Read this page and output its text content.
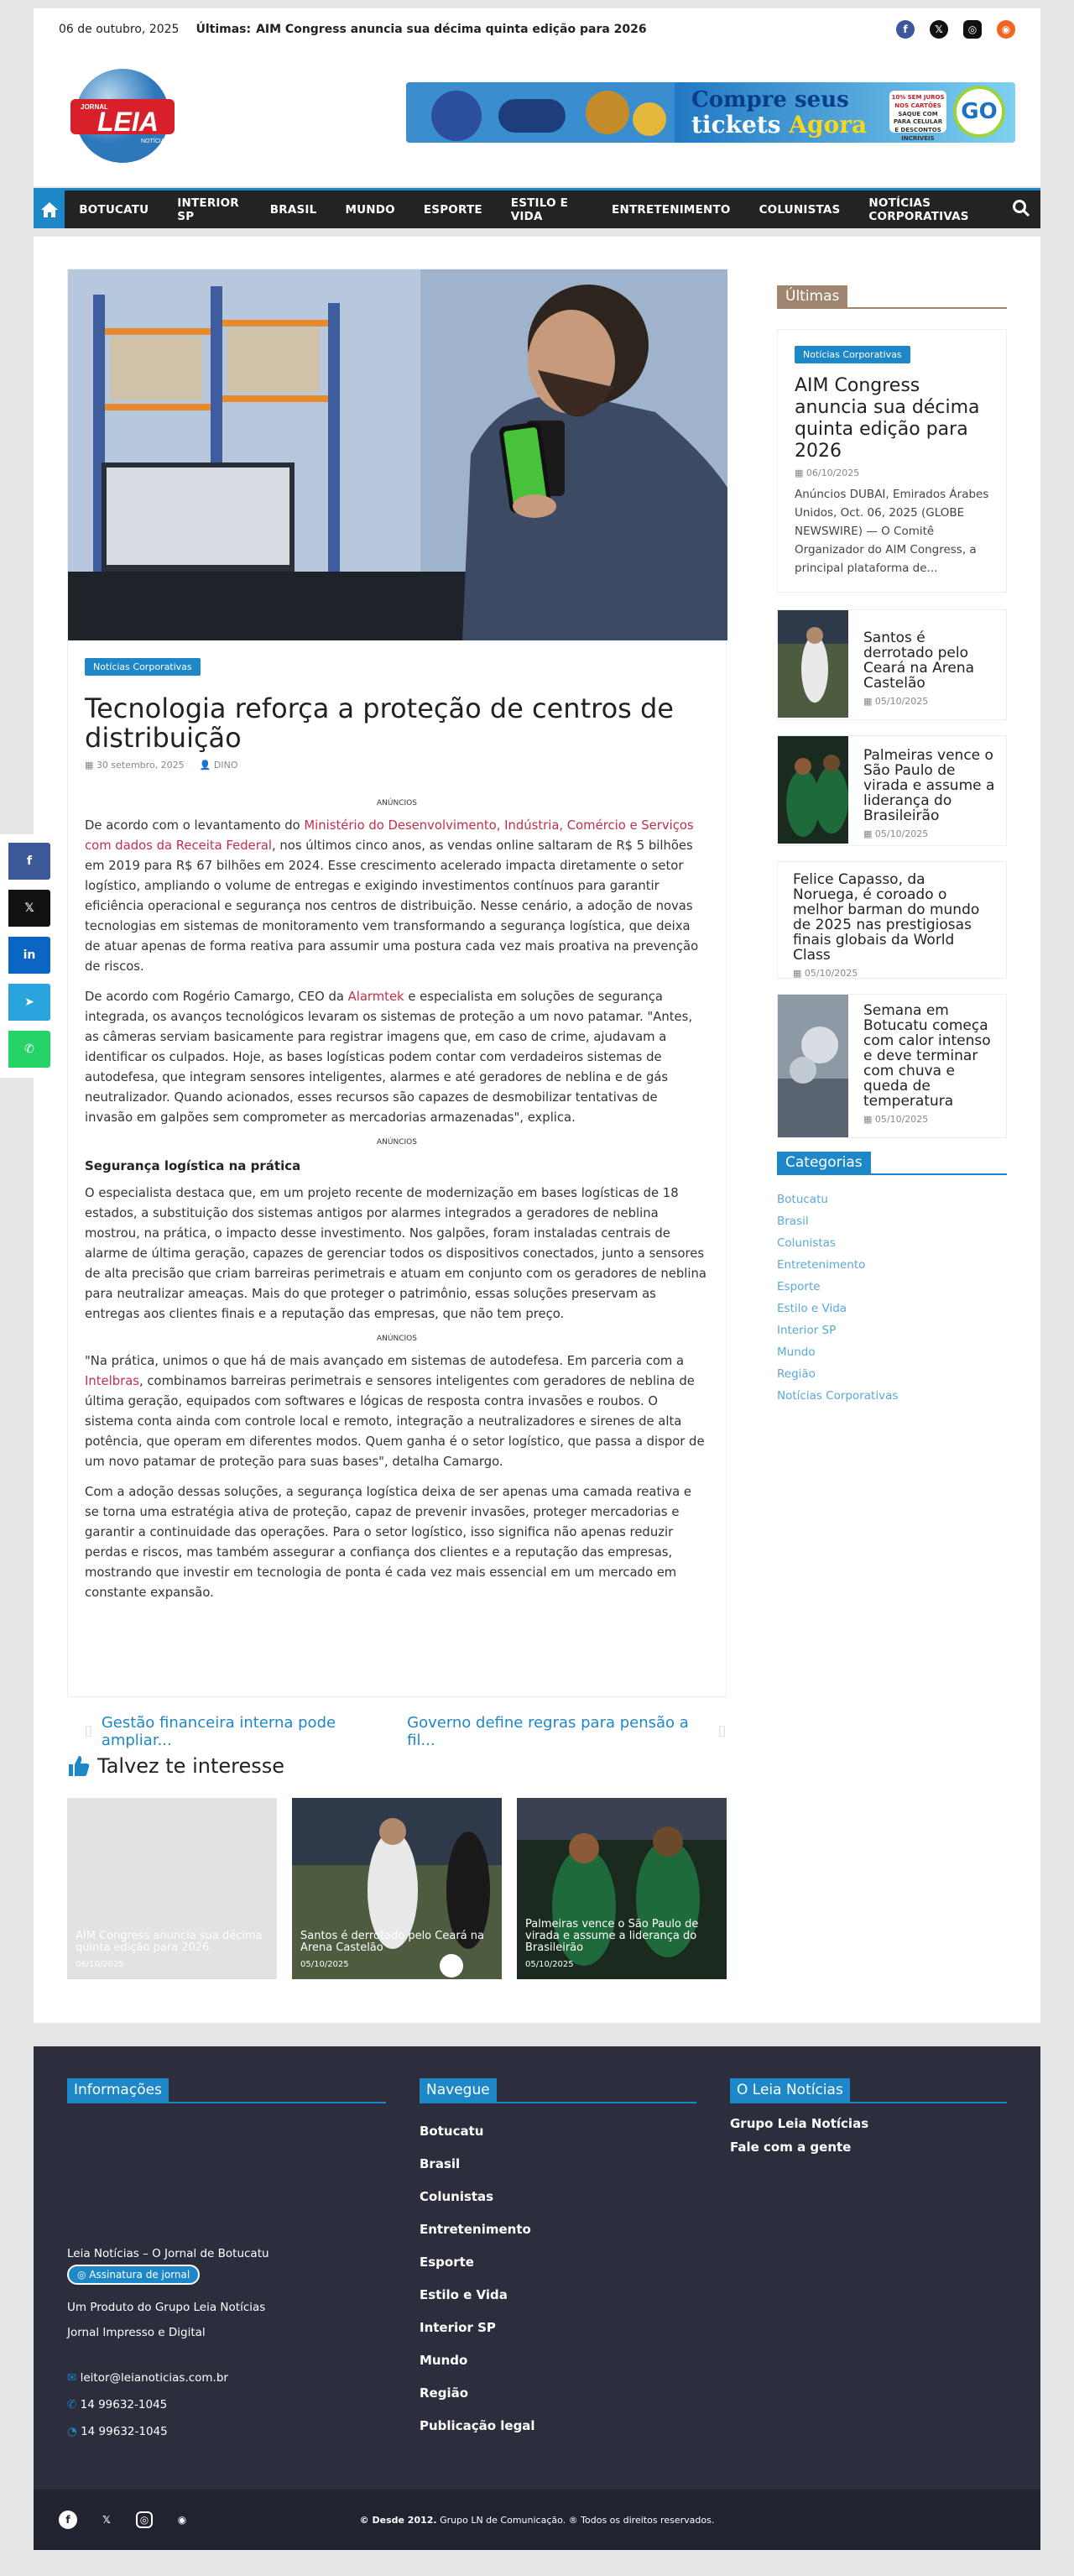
06 de outubro, 2025 Últimas: AIM Congress anuncia sua décima quinta edição para 2026	f	𝕏	◎	◉
JORNAL
LEIA
NOTÍCIAS
Compre seus
tickets Agora
10% SEM JUROS
NOS CARTÕES
SAQUE COM PARA CELULAR
E DESCONTOS INCRÍVEIS
GO
BOTUCATU	INTERIOR SP	BRASIL	MUNDO	ESPORTE	ESTILO E VIDA	ENTRETENIMENTO	COLUNISTAS	NOTÍCIAS CORPORATIVAS
Notícias Corporativas
Tecnologia reforça a proteção de centros de distribuição
▦ 30 setembro, 2025 👤 DINO
ANÚNCIOS

De acordo com o levantamento do Ministério do Desenvolvimento, Indústria, Comércio e Serviços com dados da Receita Federal, nos últimos cinco anos, as vendas online saltaram de R$ 5 bilhões em 2019 para R$ 67 bilhões em 2024. Esse crescimento acelerado impacta diretamente o setor logístico, ampliando o volume de entregas e exigindo investimentos contínuos para garantir eficiência operacional e segurança nos centros de distribuição. Nesse cenário, a adoção de novas tecnologias em sistemas de monitoramento vem transformando a segurança logística, que deixa de atuar apenas de forma reativa para assumir uma postura cada vez mais proativa na prevenção de riscos.

De acordo com Rogério Camargo, CEO da Alarmtek e especialista em soluções de segurança integrada, os avanços tecnológicos levaram os sistemas de proteção a um novo patamar. "Antes, as câmeras serviam basicamente para registrar imagens que, em caso de crime, ajudavam a identificar os culpados. Hoje, as bases logísticas podem contar com verdadeiros sistemas de autodefesa, que integram sensores inteligentes, alarmes e até geradores de neblina e de gás neutralizador. Quando acionados, esses recursos são capazes de desmobilizar tentativas de invasão em galpões sem comprometer as mercadorias armazenadas", explica.

ANÚNCIOS
Segurança logística na prática

O especialista destaca que, em um projeto recente de modernização em bases logísticas de 18 estados, a substituição dos sistemas antigos por alarmes integrados a geradores de neblina mostrou, na prática, o impacto desse investimento. Nos galpões, foram instaladas centrais de alarme de última geração, capazes de gerenciar todos os dispositivos conectados, junto a sensores de alta precisão que criam barreiras perimetrais e atuam em conjunto com os geradores de neblina para neutralizar ameaças. Mais do que proteger o patrimônio, essas soluções preservam as entregas aos clientes finais e a reputação das empresas, que não tem preço.

ANÚNCIOS

"Na prática, unimos o que há de mais avançado em sistemas de autodefesa. Em parceria com a Intelbras, combinamos barreiras perimetrais e sensores inteligentes com geradores de neblina de última geração, equipados com softwares e lógicas de resposta contra invasões e roubos. O sistema conta ainda com controle local e remoto, integração a neutralizadores e sirenes de alta potência, que operam em diferentes modos. Quem ganha é o setor logístico, que passa a dispor de um novo patamar de proteção para suas bases", detalha Camargo.

Com a adoção dessas soluções, a segurança logística deixa de ser apenas uma camada reativa e se torna uma estratégia ativa de proteção, capaz de prevenir invasões, proteger mercadorias e garantir a continuidade das operações. Para o setor logístico, isso significa não apenas reduzir perdas e riscos, mas também assegurar a confiança dos clientes e a reputação das empresas, mostrando que investir em tecnologia de ponta é cada vez mais essencial em um mercado em constante expansão.

⌷ Gestão financeira interna pode ampliar...
Governo define regras para pensão a fil...	⌷
Talvez te interesse
AIM Congress anuncia sua décima quinta edição para 2026
06/10/2025
Santos é derrotado pelo Ceará na Arena Castelão
05/10/2025
Palmeiras vence o São Paulo de virada e assume a liderança do Brasileirão
05/10/2025
Últimas
Notícias Corporativas
AIM Congress anuncia sua décima quinta edição para 2026
▦ 06/10/2025
Anúncios DUBAI, Emirados Árabes Unidos, Oct. 06, 2025 (GLOBE NEWSWIRE) — O Comitê Organizador do AIM Congress, a principal plataforma de...
Santos é derrotado pelo Ceará na Arena Castelão
▦ 05/10/2025
Palmeiras vence o São Paulo de virada e assume a liderança do Brasileirão
▦ 05/10/2025
Felice Capasso, da Noruega, é coroado o melhor barman do mundo de 2025 nas prestigiosas finais globais da World Class
▦ 05/10/2025
Semana em Botucatu começa com calor intenso e deve terminar com chuva e queda de temperatura
▦ 05/10/2025
Categorias
Botucatu
Brasil
Colunistas
Entretenimento
Esporte
Estilo e Vida
Interior SP
Mundo
Região
Notícias Corporativas
f
𝕏
in
➤
✆
Informações
Leia Notícias – O Jornal de Botucatu
◎ Assinatura de jornal
Um Produto do Grupo Leia Notícias
Jornal Impresso e Digital
✉ leitor@leianoticias.com.br
✆ 14 99632-1045
◔ 14 99632-1045
Navegue
Botucatu
Brasil
Colunistas
Entretenimento
Esporte
Estilo e Vida
Interior SP
Mundo
Região
Publicação legal
O Leia Notícias
Grupo Leia Notícias
Fale com a gente
f	𝕏	◎	◉	© Desde 2012. Grupo LN de Comunicação. ® Todos os direitos reservados.
